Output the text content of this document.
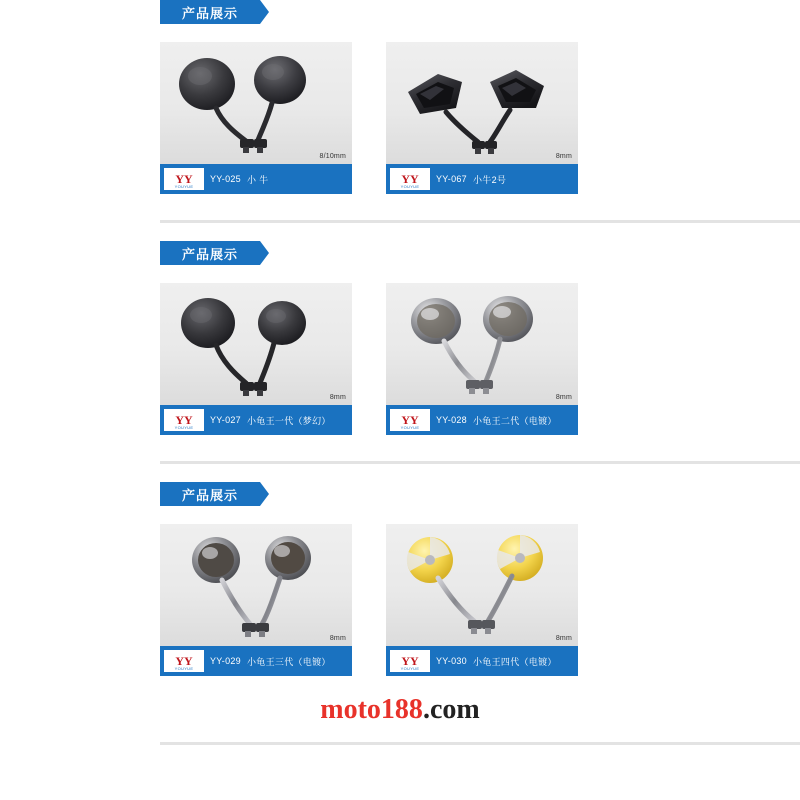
产品展示
8/10mm
YY
YOUYUE
YY-025 小 牛
8mm
YY
YOUYUE
YY-067 小牛2号
产品展示
8mm
YY
YOUYUE
YY-027 小龟王一代（梦幻）
8mm
YY
YOUYUE
YY-028 小龟王二代（电镀）
产品展示
8mm
YY
YOUYUE
YY-029 小龟王三代（电镀）
8mm
YY
YOUYUE
YY-030 小龟王四代（电镀）
moto188.com
